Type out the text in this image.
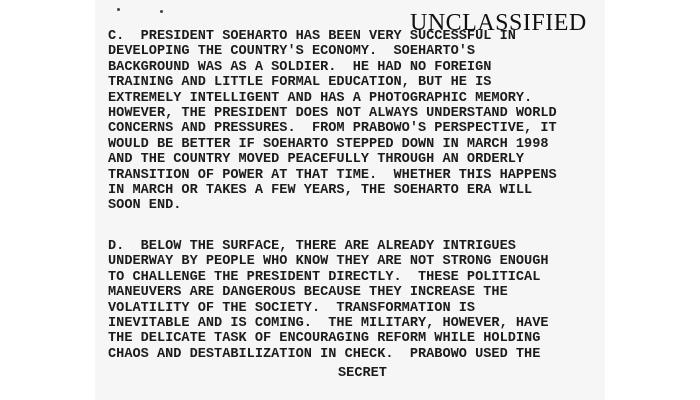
UNCLASSIFIED

C.  PRESIDENT SOEHARTO HAS BEEN VERY SUCCESSFUL IN
DEVELOPING THE COUNTRY'S ECONOMY.  SOEHARTO'S
BACKGROUND WAS AS A SOLDIER.  HE HAD NO FOREIGN
TRAINING AND LITTLE FORMAL EDUCATION, BUT HE IS
EXTREMELY INTELLIGENT AND HAS A PHOTOGRAPHIC MEMORY.
HOWEVER, THE PRESIDENT DOES NOT ALWAYS UNDERSTAND WORLD
CONCERNS AND PRESSURES.  FROM PRABOWO'S PERSPECTIVE, IT
WOULD BE BETTER IF SOEHARTO STEPPED DOWN IN MARCH 1998
AND THE COUNTRY MOVED PEACEFULLY THROUGH AN ORDERLY
TRANSITION OF POWER AT THAT TIME.  WHETHER THIS HAPPENS
IN MARCH OR TAKES A FEW YEARS, THE SOEHARTO ERA WILL
SOON END.

D.  BELOW THE SURFACE, THERE ARE ALREADY INTRIGUES
UNDERWAY BY PEOPLE WHO KNOW THEY ARE NOT STRONG ENOUGH
TO CHALLENGE THE PRESIDENT DIRECTLY.  THESE POLITICAL
MANEUVERS ARE DANGEROUS BECAUSE THEY INCREASE THE
VOLATILITY OF THE SOCIETY.  TRANSFORMATION IS
INEVITABLE AND IS COMING.  THE MILITARY, HOWEVER, HAVE
THE DELICATE TASK OF ENCOURAGING REFORM WHILE HOLDING
CHAOS AND DESTABILIZATION IN CHECK.  PRABOWO USED THE

SECRET
